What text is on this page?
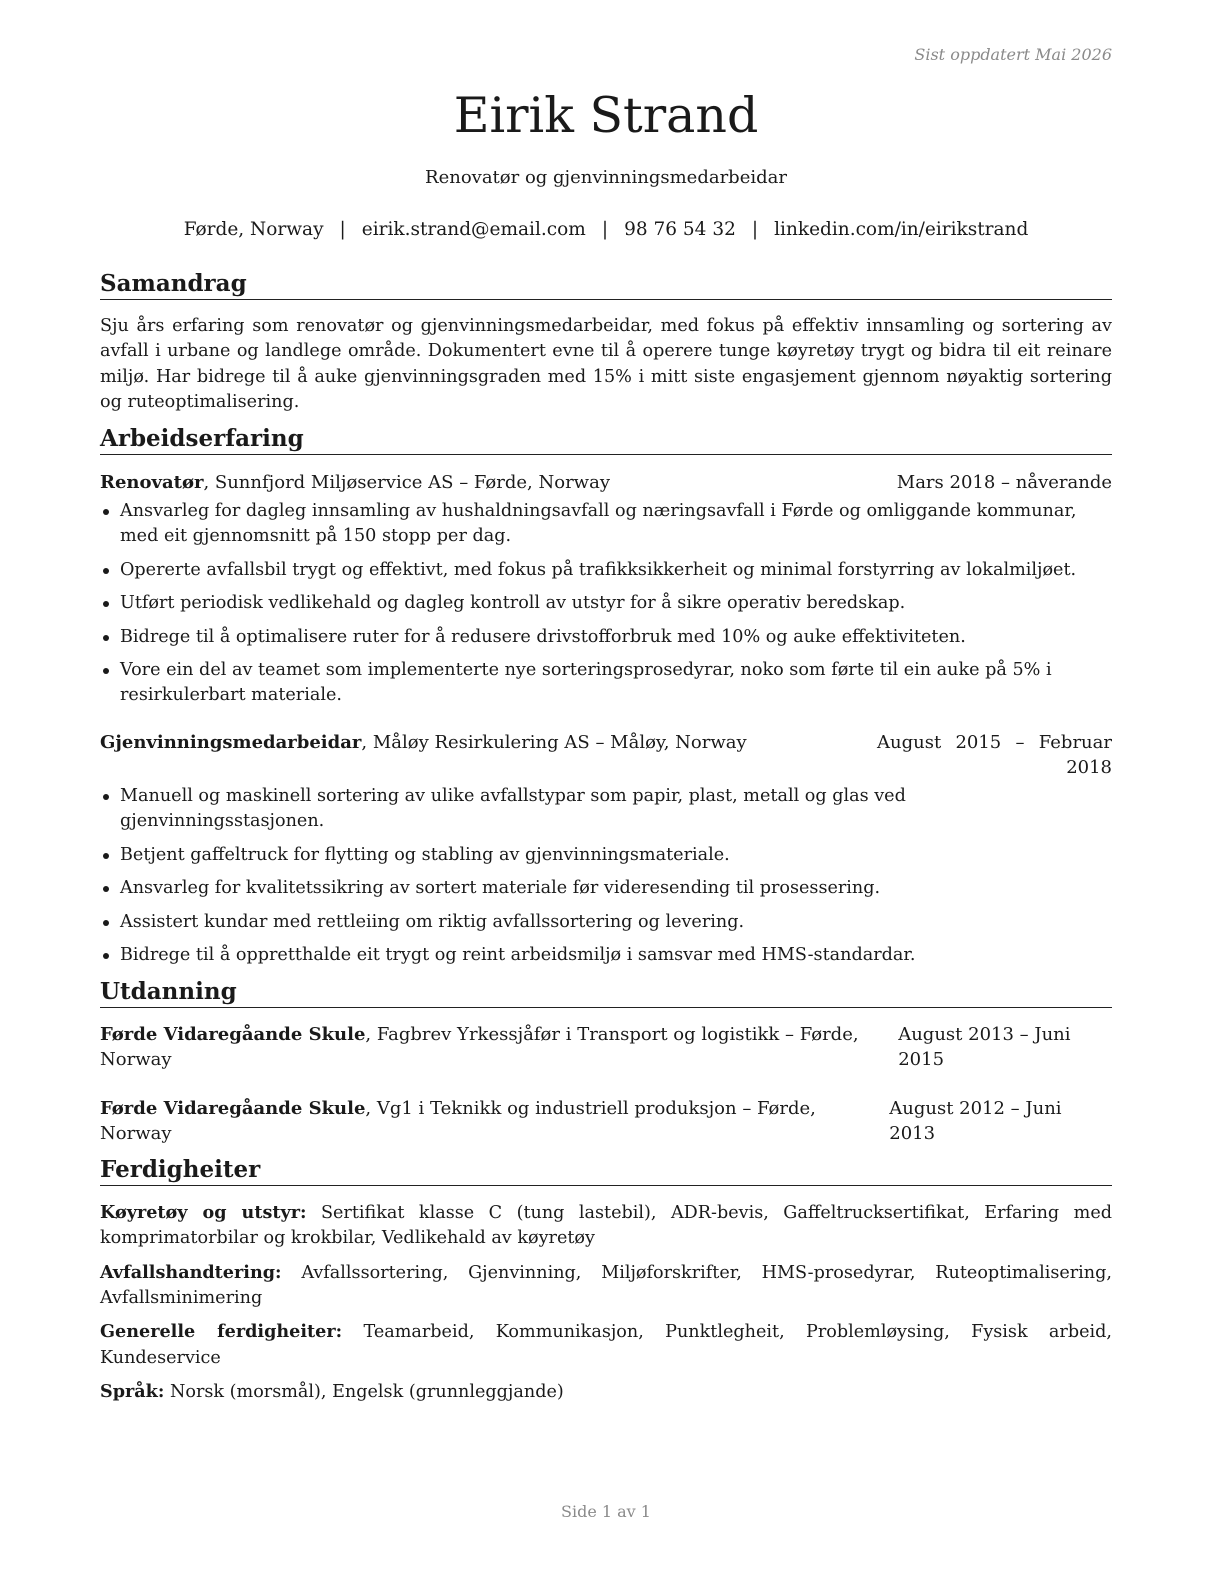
Sist oppdatert Mai 2026
Eirik Strand
Renovatør og gjenvinningsmedarbeidar
Førde, Norway | eirik.strand@email.com | 98 76 54 32 | linkedin.com/in/eirikstrand
Samandrag
Sju års erfaring som renovatør og gjenvinningsmedarbeidar, med fokus på effektiv innsamling og sortering av avfall i urbane og landlege område. Dokumentert evne til å operere tunge køyretøy trygt og bidra til eit reinare miljø. Har bidrege til å auke gjenvinningsgraden med 15% i mitt siste engasjement gjennom nøyaktig sortering og ruteoptimalisering.
Arbeidserfaring
Renovatør, Sunnfjord Miljøservice AS – Førde, Norway	Mars 2018 – nåverande
Ansvarleg for dagleg innsamling av hushaldningsavfall og næringsavfall i Førde og omliggande kommunar, med eit gjennomsnitt på 150 stopp per dag.
Opererte avfallsbil trygt og effektivt, med fokus på trafikksikkerheit og minimal forstyrring av lokalmiljøet.
Utført periodisk vedlikehald og dagleg kontroll av utstyr for å sikre operativ beredskap.
Bidrege til å optimalisere ruter for å redusere drivstofforbruk med 10% og auke effektiviteten.
Vore ein del av teamet som implementerte nye sorteringsprosedyrar, noko som førte til ein auke på 5% i resirkulerbart materiale.
Gjenvinningsmedarbeidar, Måløy Resirkulering AS – Måløy, Norway	August 2015 – Februar 2018
Manuell og maskinell sortering av ulike avfallstypar som papir, plast, metall og glas ved gjenvinningsstasjonen.
Betjent gaffeltruck for flytting og stabling av gjenvinningsmateriale.
Ansvarleg for kvalitetssikring av sortert materiale før videresending til prosessering.
Assistert kundar med rettleiing om riktig avfallssortering og levering.
Bidrege til å oppretthalde eit trygt og reint arbeidsmiljø i samsvar med HMS-standardar.
Utdanning
Førde Vidaregåande Skule, Fagbrev Yrkessjåfør i Transport og logistikk – Førde, Norway
August 2013 – Juni 2015
Førde Vidaregåande Skule, Vg1 i Teknikk og industriell produksjon – Førde, Norway
August 2012 – Juni 2013
Ferdigheiter
Køyretøy og utstyr: Sertifikat klasse C (tung lastebil), ADR-bevis, Gaffeltrucksertifikat, Erfaring med komprimatorbilar og krokbilar, Vedlikehald av køyretøy
Avfallshandtering: Avfallssortering, Gjenvinning, Miljøforskrifter, HMS-prosedyrar, Ruteoptimalisering, Avfallsminimering
Generelle ferdigheiter: Teamarbeid, Kommunikasjon, Punktlegheit, Problemløysing, Fysisk arbeid, Kundeservice
Språk: Norsk (morsmål), Engelsk (grunnleggjande)
Side 1 av 1
